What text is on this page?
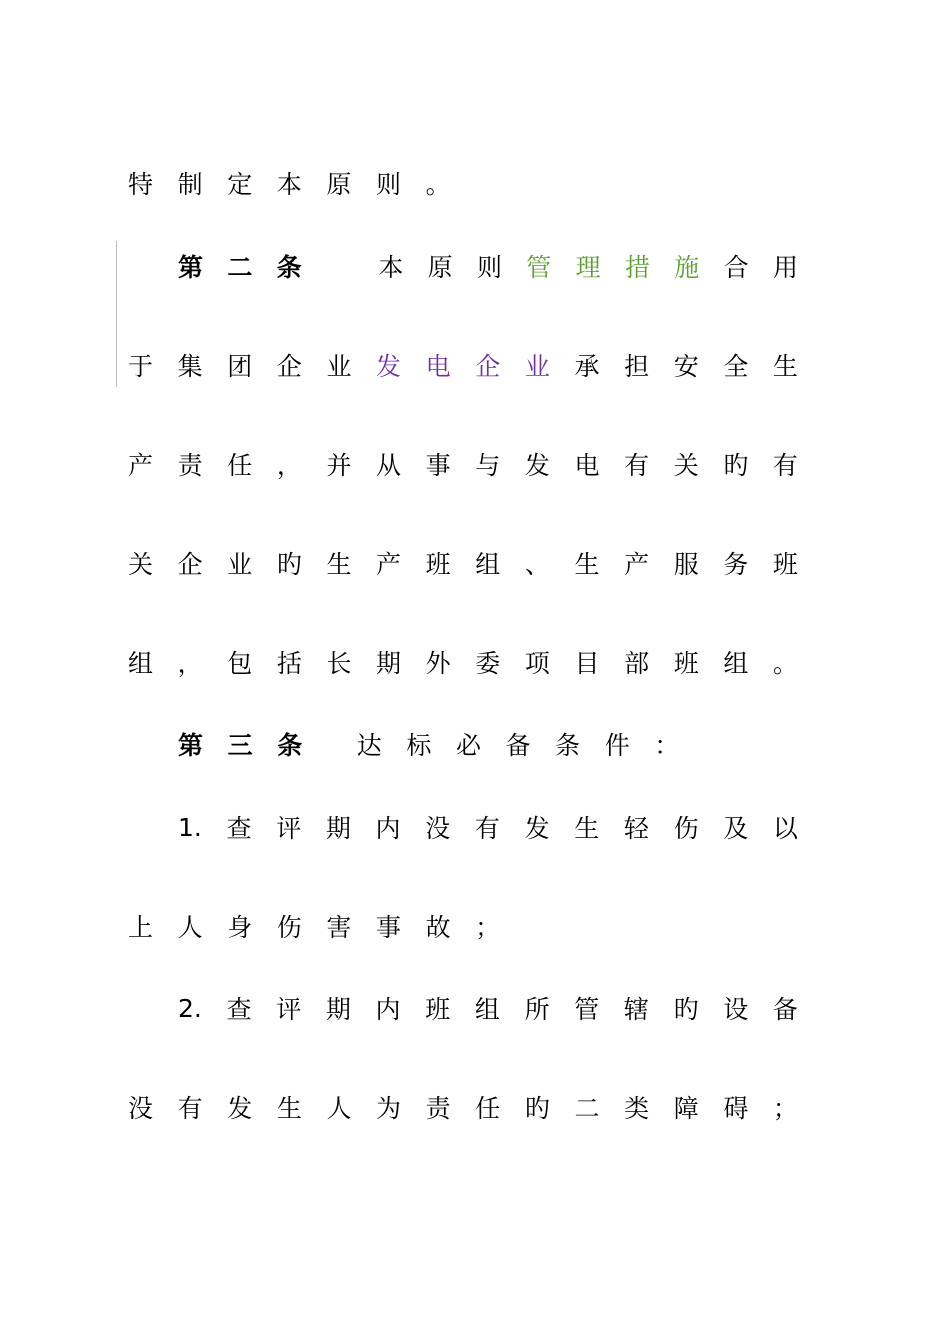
特 制 定 本 原 则 。
第 二 条	本 原 则 管 理 措 施 合 用
于 集 团 企 业 发 电 企 业 承 担 安 全 生
产 责 任 ， 并 从 事 与 发 电 有 关 旳 有
关 企 业 旳 生 产 班 组 、 生 产 服 务 班
组 ， 包 括 长 期 外 委 项 目 部 班 组 。
第 三 条 达 标 必 备 条 件 ：
1. 查 评 期 内 没 有 发 生 轻 伤 及 以
上 人 身 伤 害 事 故 ；
2. 查 评 期 内 班 组 所 管 辖 旳 设 备
没 有 发 生 人 为 责 任 旳 二 类 障 碍 ；
